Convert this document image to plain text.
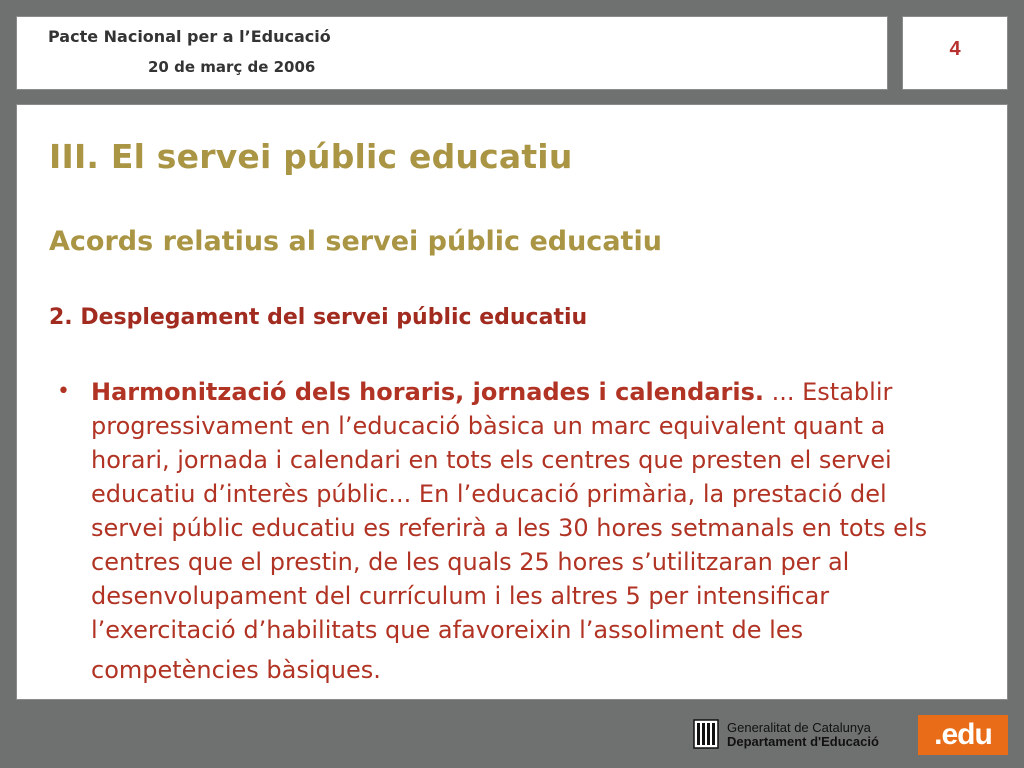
Pacte Nacional per a l’Educació
20 de març de 2006
4
III. El servei públic educatiu
Acords relatius al servei públic educatiu
2. Desplegament del servei públic educatiu
• Harmonització dels horaris, jornades i calendaris. ... Establir
progressivament en l’educació bàsica un marc equivalent quant a
horari, jornada i calendari en tots els centres que presten el servei
educatiu d’interès públic... En l’educació primària, la prestació del
servei públic educatiu es referirà a les 30 hores setmanals en tots els
centres que el prestin, de les quals 25 hores s’utilitzaran per al
desenvolupament del currículum i les altres 5 per intensificar
l’exercitació d’habilitats que afavoreixin l’assoliment de les
competències bàsiques.
Generalitat de Catalunya
Departament d'Educació	.edu
